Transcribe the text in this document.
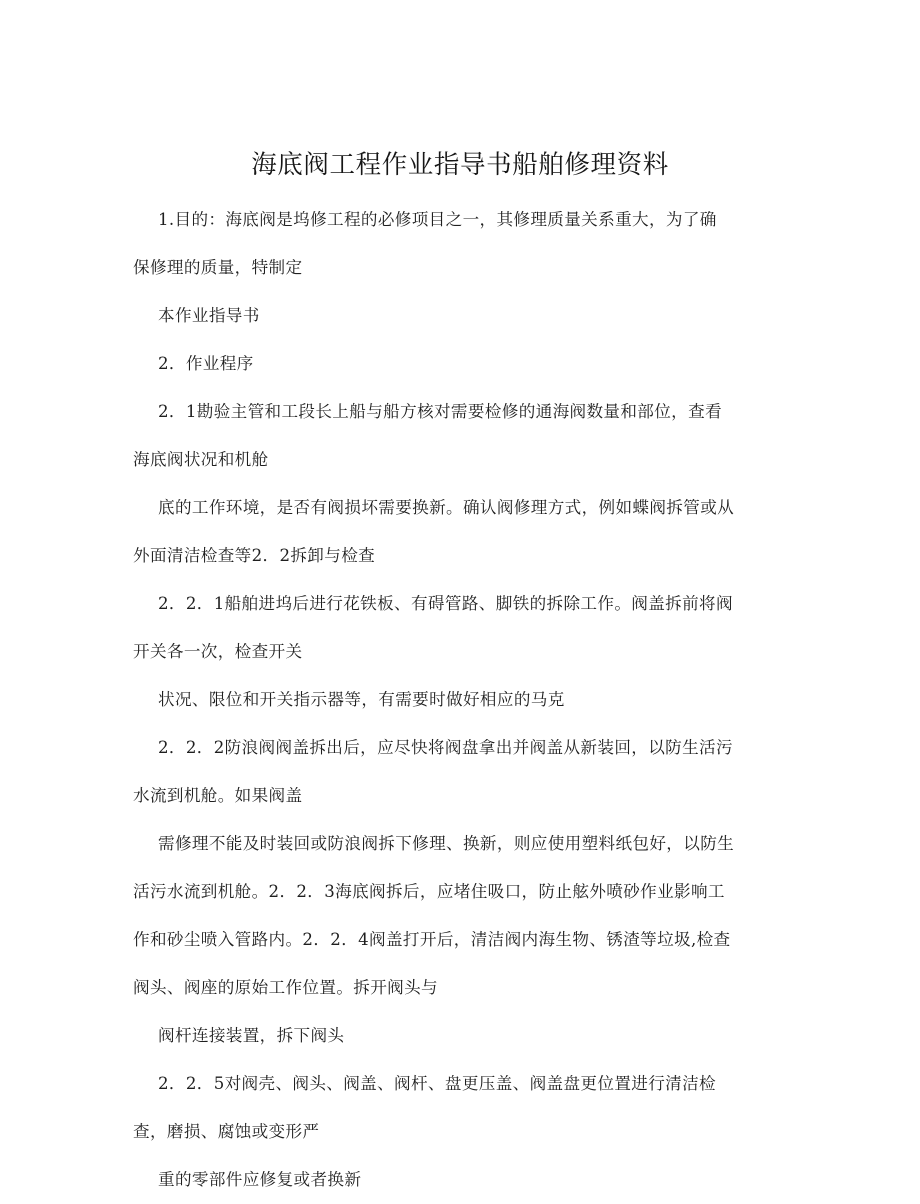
海底阀工程作业指导书船舶修理资料
1.目的：海底阀是坞修工程的必修项目之一，其修理质量关系重大，为了确
保修理的质量，特制定
本作业指导书
2．作业程序
2．1勘验主管和工段长上船与船方核对需要检修的通海阀数量和部位，查看
海底阀状况和机舱
底的工作环境，是否有阀损坏需要换新。确认阀修理方式，例如蝶阀拆管或从
外面清洁检查等2．2拆卸与检查
2．2．1船舶进坞后进行花铁板、有碍管路、脚铁的拆除工作。阀盖拆前将阀
开关各一次，检查开关
状况、限位和开关指示器等，有需要时做好相应的马克
2．2．2防浪阀阀盖拆出后，应尽快将阀盘拿出并阀盖从新装回，以防生活污
水流到机舱。如果阀盖
需修理不能及时装回或防浪阀拆下修理、换新，则应使用塑料纸包好，以防生
活污水流到机舱。2．2．3海底阀拆后，应堵住吸口，防止舷外喷砂作业影响工
作和砂尘喷入管路内。2．2．4阀盖打开后，清洁阀内海生物、锈渣等垃圾,检查
阀头、阀座的原始工作位置。拆开阀头与
阀杆连接装置，拆下阀头
2．2．5对阀壳、阀头、阀盖、阀杆、盘更压盖、阀盖盘更位置进行清洁检
查，磨损、腐蚀或变形严
重的零部件应修复或者换新
